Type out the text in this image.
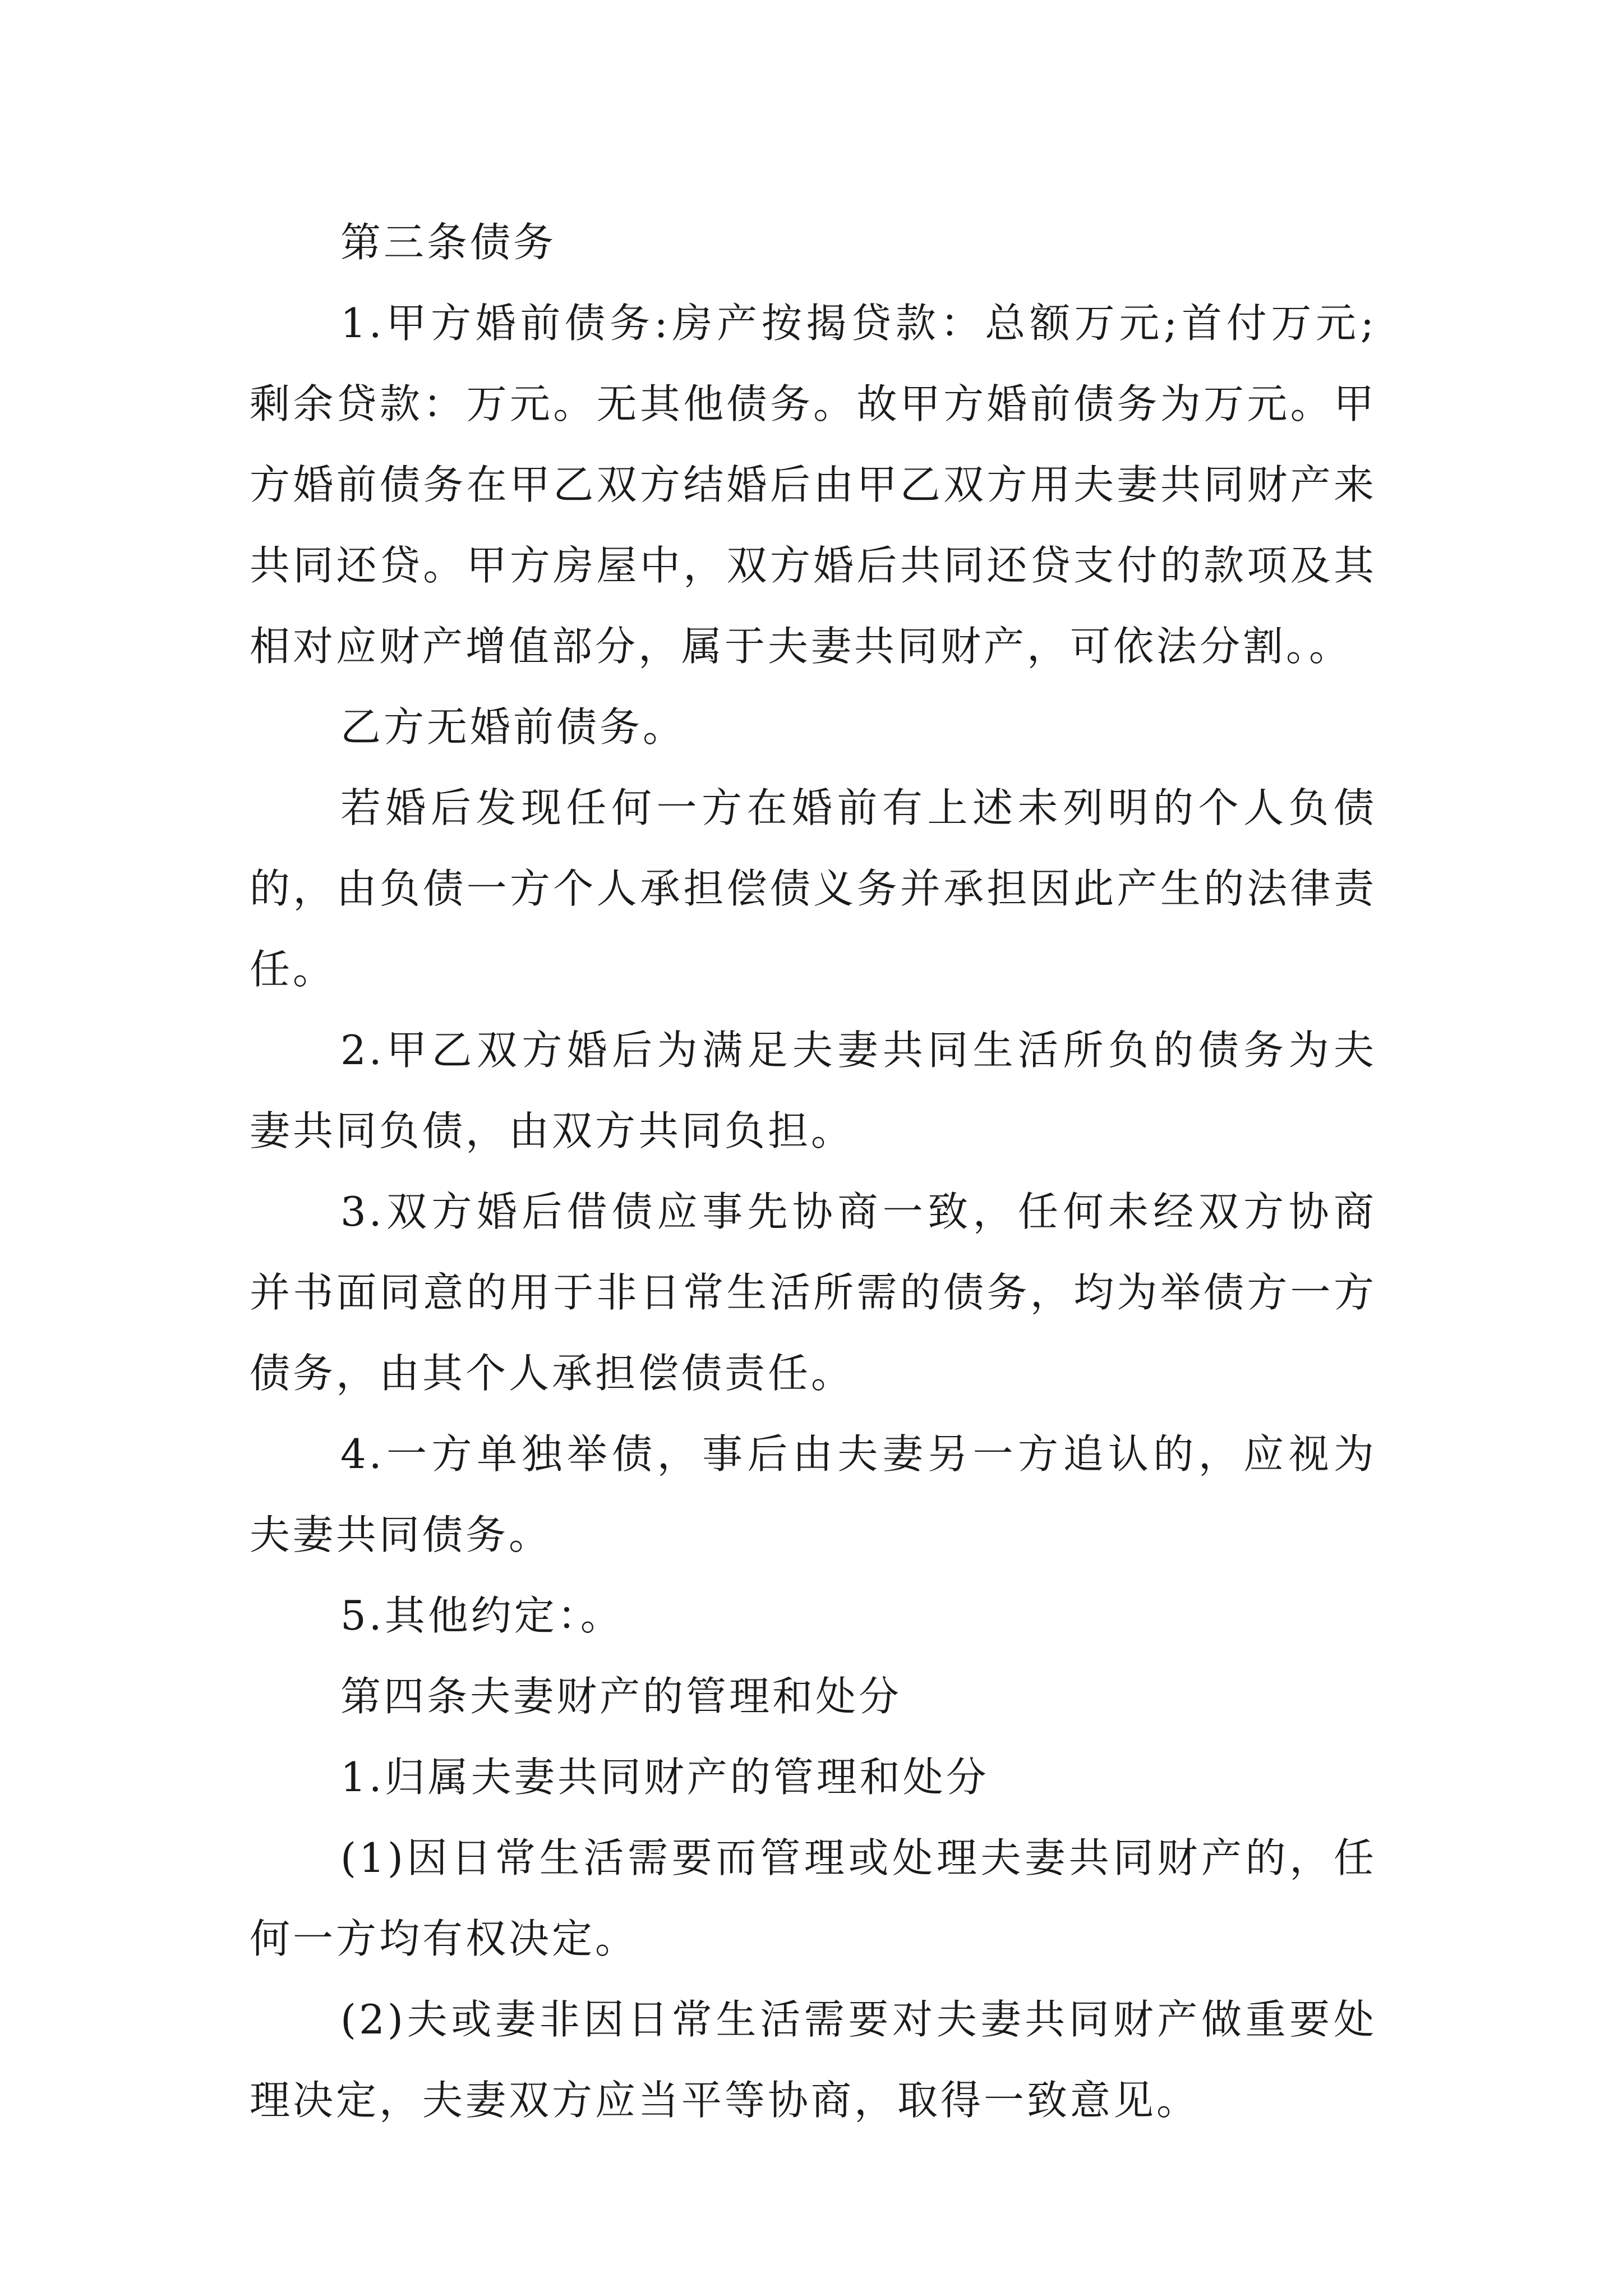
第三条债务

1.甲方婚前债务:房产按揭贷款：总额万元;首付万元;剩余贷款：万元。无其他债务。故甲方婚前债务为万元。甲方婚前债务在甲乙双方结婚后由甲乙双方用夫妻共同财产来共同还贷。甲方房屋中，双方婚后共同还贷支付的款项及其相对应财产增值部分，属于夫妻共同财产，可依法分割。。

乙方无婚前债务。

若婚后发现任何一方在婚前有上述未列明的个人负债的，由负债一方个人承担偿债义务并承担因此产生的法律责任。

2.甲乙双方婚后为满足夫妻共同生活所负的债务为夫妻共同负债，由双方共同负担。

3.双方婚后借债应事先协商一致，任何未经双方协商并书面同意的用于非日常生活所需的债务，均为举债方一方债务，由其个人承担偿债责任。

4.一方单独举债，事后由夫妻另一方追认的，应视为夫妻共同债务。

5.其他约定：。

第四条夫妻财产的管理和处分

1.归属夫妻共同财产的管理和处分

(1)因日常生活需要而管理或处理夫妻共同财产的，任何一方均有权决定。

(2)夫或妻非因日常生活需要对夫妻共同财产做重要处理决定，夫妻双方应当平等协商，取得一致意见。
